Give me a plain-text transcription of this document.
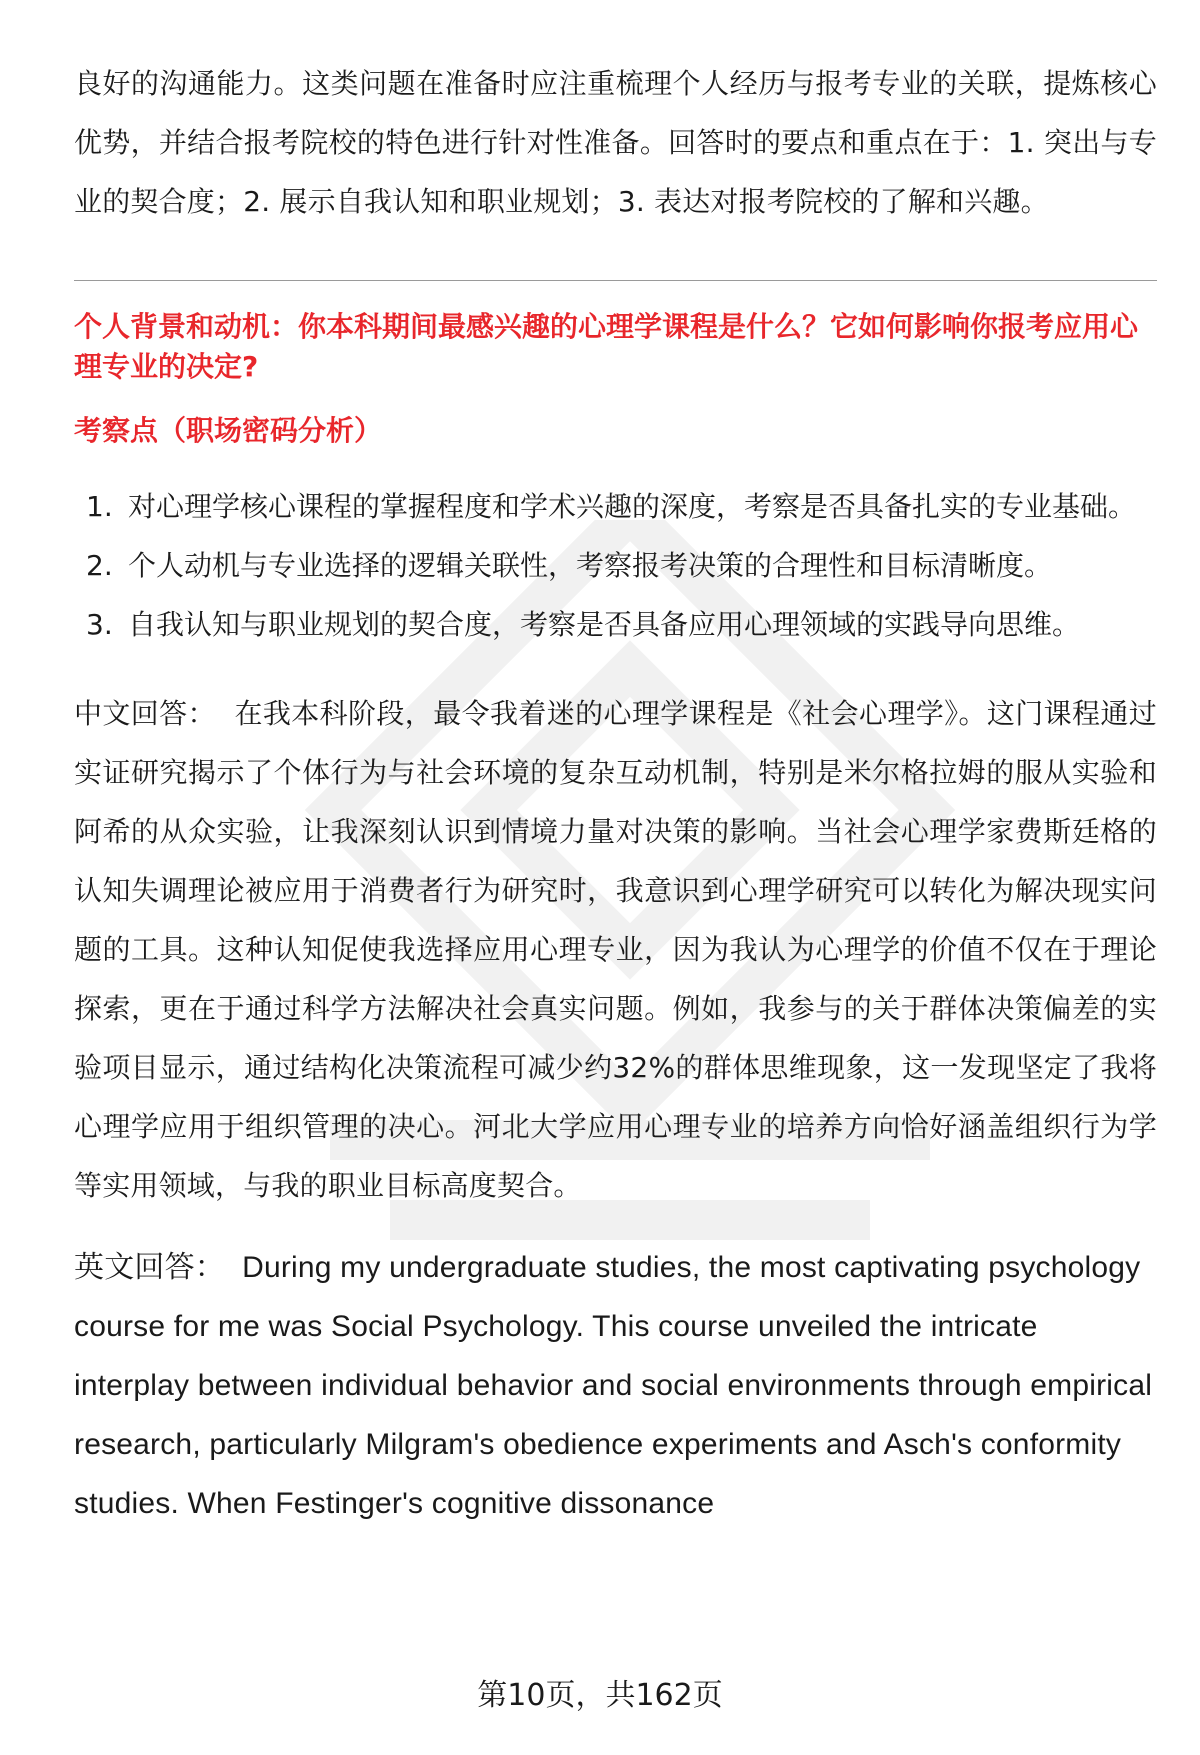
良好的沟通能力。这类问题在准备时应注重梳理个人经历与报考专业的关联，提炼核心优势，并结合报考院校的特色进行针对性准备。回答时的要点和重点在于：1. 突出与专业的契合度；2. 展示自我认知和职业规划；3. 表达对报考院校的了解和兴趣。

个人背景和动机：你本科期间最感兴趣的心理学课程是什么？它如何影响你报考应用心理专业的决定?

考察点（职场密码分析）

1. 对心理学核心课程的掌握程度和学术兴趣的深度，考察是否具备扎实的专业基础。
2. 个人动机与专业选择的逻辑关联性，考察报考决策的合理性和目标清晰度。
3. 自我认知与职业规划的契合度，考察是否具备应用心理领域的实践导向思维。

中文回答： 在我本科阶段，最令我着迷的心理学课程是《社会心理学》。这门课程通过实证研究揭示了个体行为与社会环境的复杂互动机制，特别是米尔格拉姆的服从实验和阿希的从众实验，让我深刻认识到情境力量对决策的影响。当社会心理学家费斯廷格的认知失调理论被应用于消费者行为研究时，我意识到心理学研究可以转化为解决现实问题的工具。这种认知促使我选择应用心理专业，因为我认为心理学的价值不仅在于理论探索，更在于通过科学方法解决社会真实问题。例如，我参与的关于群体决策偏差的实验项目显示，通过结构化决策流程可减少约32%的群体思维现象，这一发现坚定了我将心理学应用于组织管理的决心。河北大学应用心理专业的培养方向恰好涵盖组织行为学等实用领域，与我的职业目标高度契合。

英文回答： During my undergraduate studies, the most captivating psychology course for me was Social Psychology. This course unveiled the intricate interplay between individual behavior and social environments through empirical research, particularly Milgram's obedience experiments and Asch's conformity studies. When Festinger's cognitive dissonance

第10页，共162页
